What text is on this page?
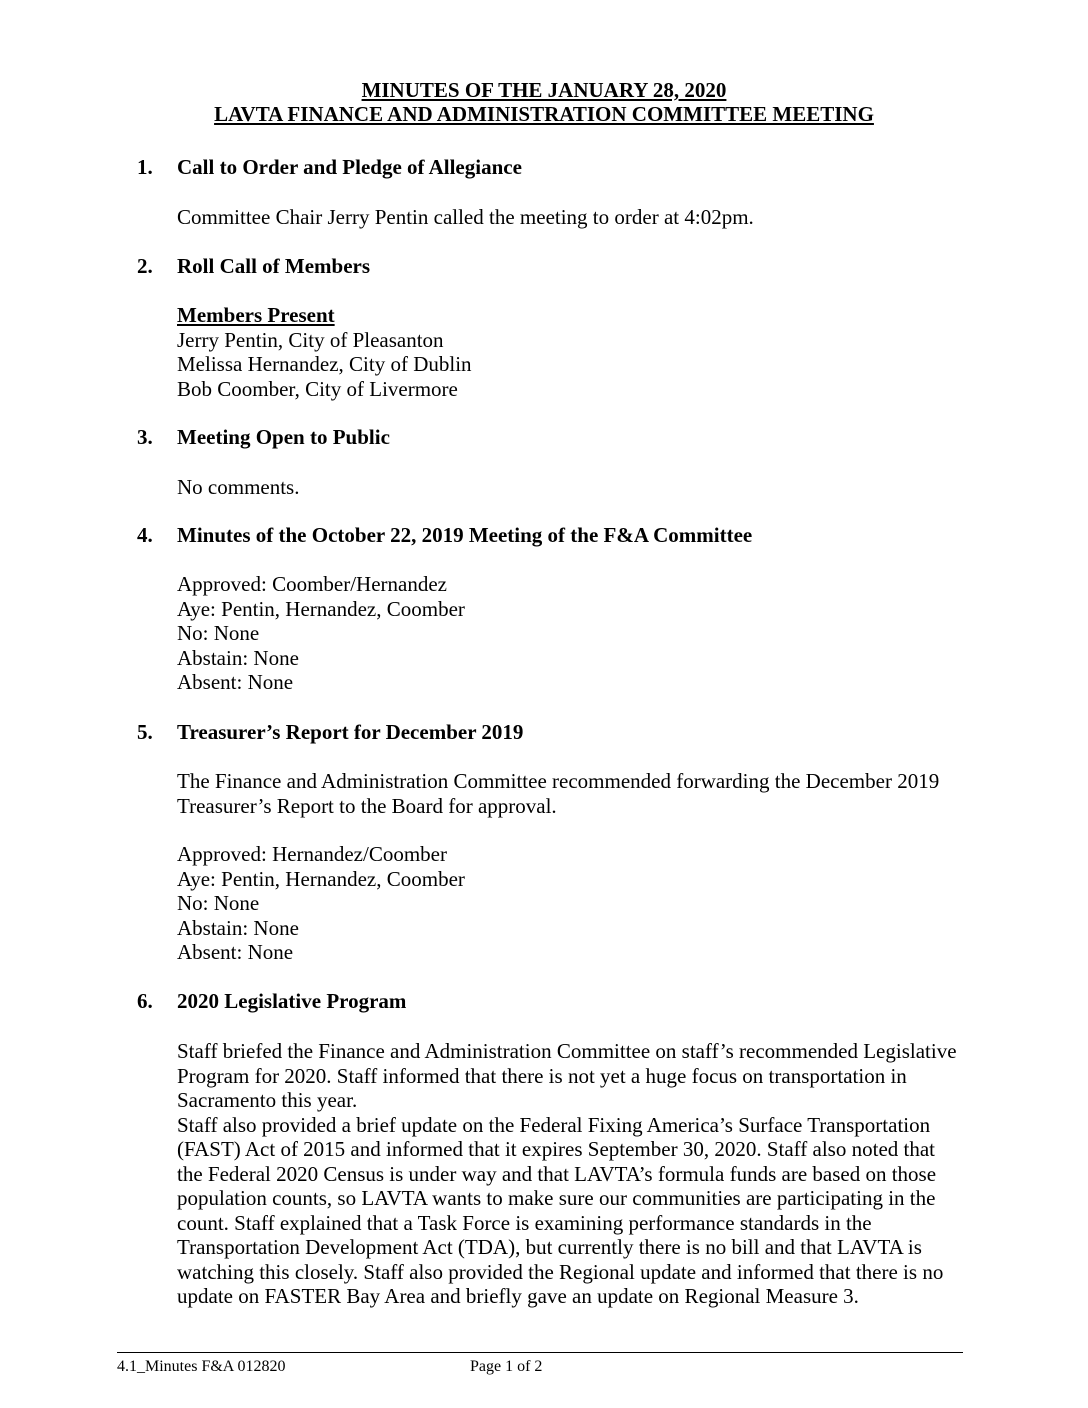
MINUTES OF THE JANUARY 28, 2020
LAVTA FINANCE AND ADMINISTRATION COMMITTEE MEETING
1. Call to Order and Pledge of Allegiance
Committee Chair Jerry Pentin called the meeting to order at 4:02pm.
2. Roll Call of Members
Members Present
Jerry Pentin, City of Pleasanton
Melissa Hernandez, City of Dublin
Bob Coomber, City of Livermore
3. Meeting Open to Public
No comments.
4. Minutes of the October 22, 2019 Meeting of the F&A Committee
Approved: Coomber/Hernandez
Aye: Pentin, Hernandez, Coomber
No: None
Abstain: None
Absent: None
5. Treasurer’s Report for December 2019
The Finance and Administration Committee recommended forwarding the December 2019
Treasurer’s Report to the Board for approval.
Approved: Hernandez/Coomber
Aye: Pentin, Hernandez, Coomber
No: None
Abstain: None
Absent: None
6. 2020 Legislative Program
Staff briefed the Finance and Administration Committee on staff’s recommended Legislative
Program for 2020. Staff informed that there is not yet a huge focus on transportation in
Sacramento this year.
Staff also provided a brief update on the Federal Fixing America’s Surface Transportation
(FAST) Act of 2015 and informed that it expires September 30, 2020. Staff also noted that
the Federal 2020 Census is under way and that LAVTA’s formula funds are based on those
population counts, so LAVTA wants to make sure our communities are participating in the
count. Staff explained that a Task Force is examining performance standards in the
Transportation Development Act (TDA), but currently there is no bill and that LAVTA is
watching this closely. Staff also provided the Regional update and informed that there is no
update on FASTER Bay Area and briefly gave an update on Regional Measure 3.
4.1_Minutes F&A 012820	Page 1 of 2
